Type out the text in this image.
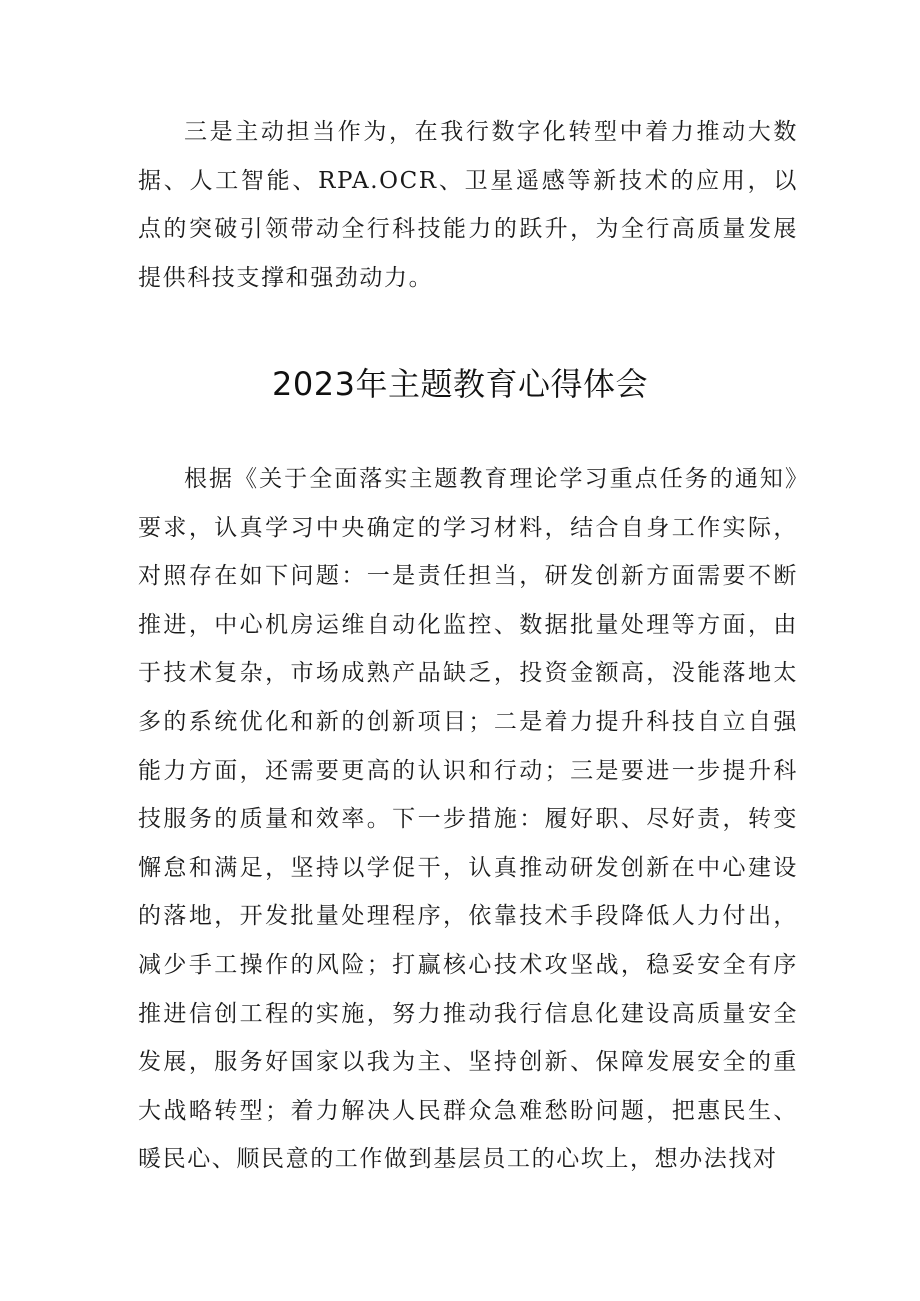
三是主动担当作为，在我行数字化转型中着力推动大数据、人工智能、RPA.OCR、卫星遥感等新技术的应用，以点的突破引领带动全行科技能力的跃升，为全行高质量发展提供科技支撑和强劲动力。

2023年主题教育心得体会

根据《关于全面落实主题教育理论学习重点任务的通知》要求，认真学习中央确定的学习材料，结合自身工作实际，对照存在如下问题：一是责任担当，研发创新方面需要不断推进，中心机房运维自动化监控、数据批量处理等方面，由于技术复杂，市场成熟产品缺乏，投资金额高，没能落地太多的系统优化和新的创新项目；二是着力提升科技自立自强能力方面，还需要更高的认识和行动；三是要进一步提升科技服务的质量和效率。下一步措施：履好职、尽好责，转变懈怠和满足，坚持以学促干，认真推动研发创新在中心建设的落地，开发批量处理程序，依靠技术手段降低人力付出，减少手工操作的风险；打赢核心技术攻坚战，稳妥安全有序推进信创工程的实施，努力推动我行信息化建设高质量安全发展，服务好国家以我为主、坚持创新、保障发展安全的重大战略转型；着力解决人民群众急难愁盼问题，把惠民生、暖民心、顺民意的工作做到基层员工的心坎上，想办法找对
